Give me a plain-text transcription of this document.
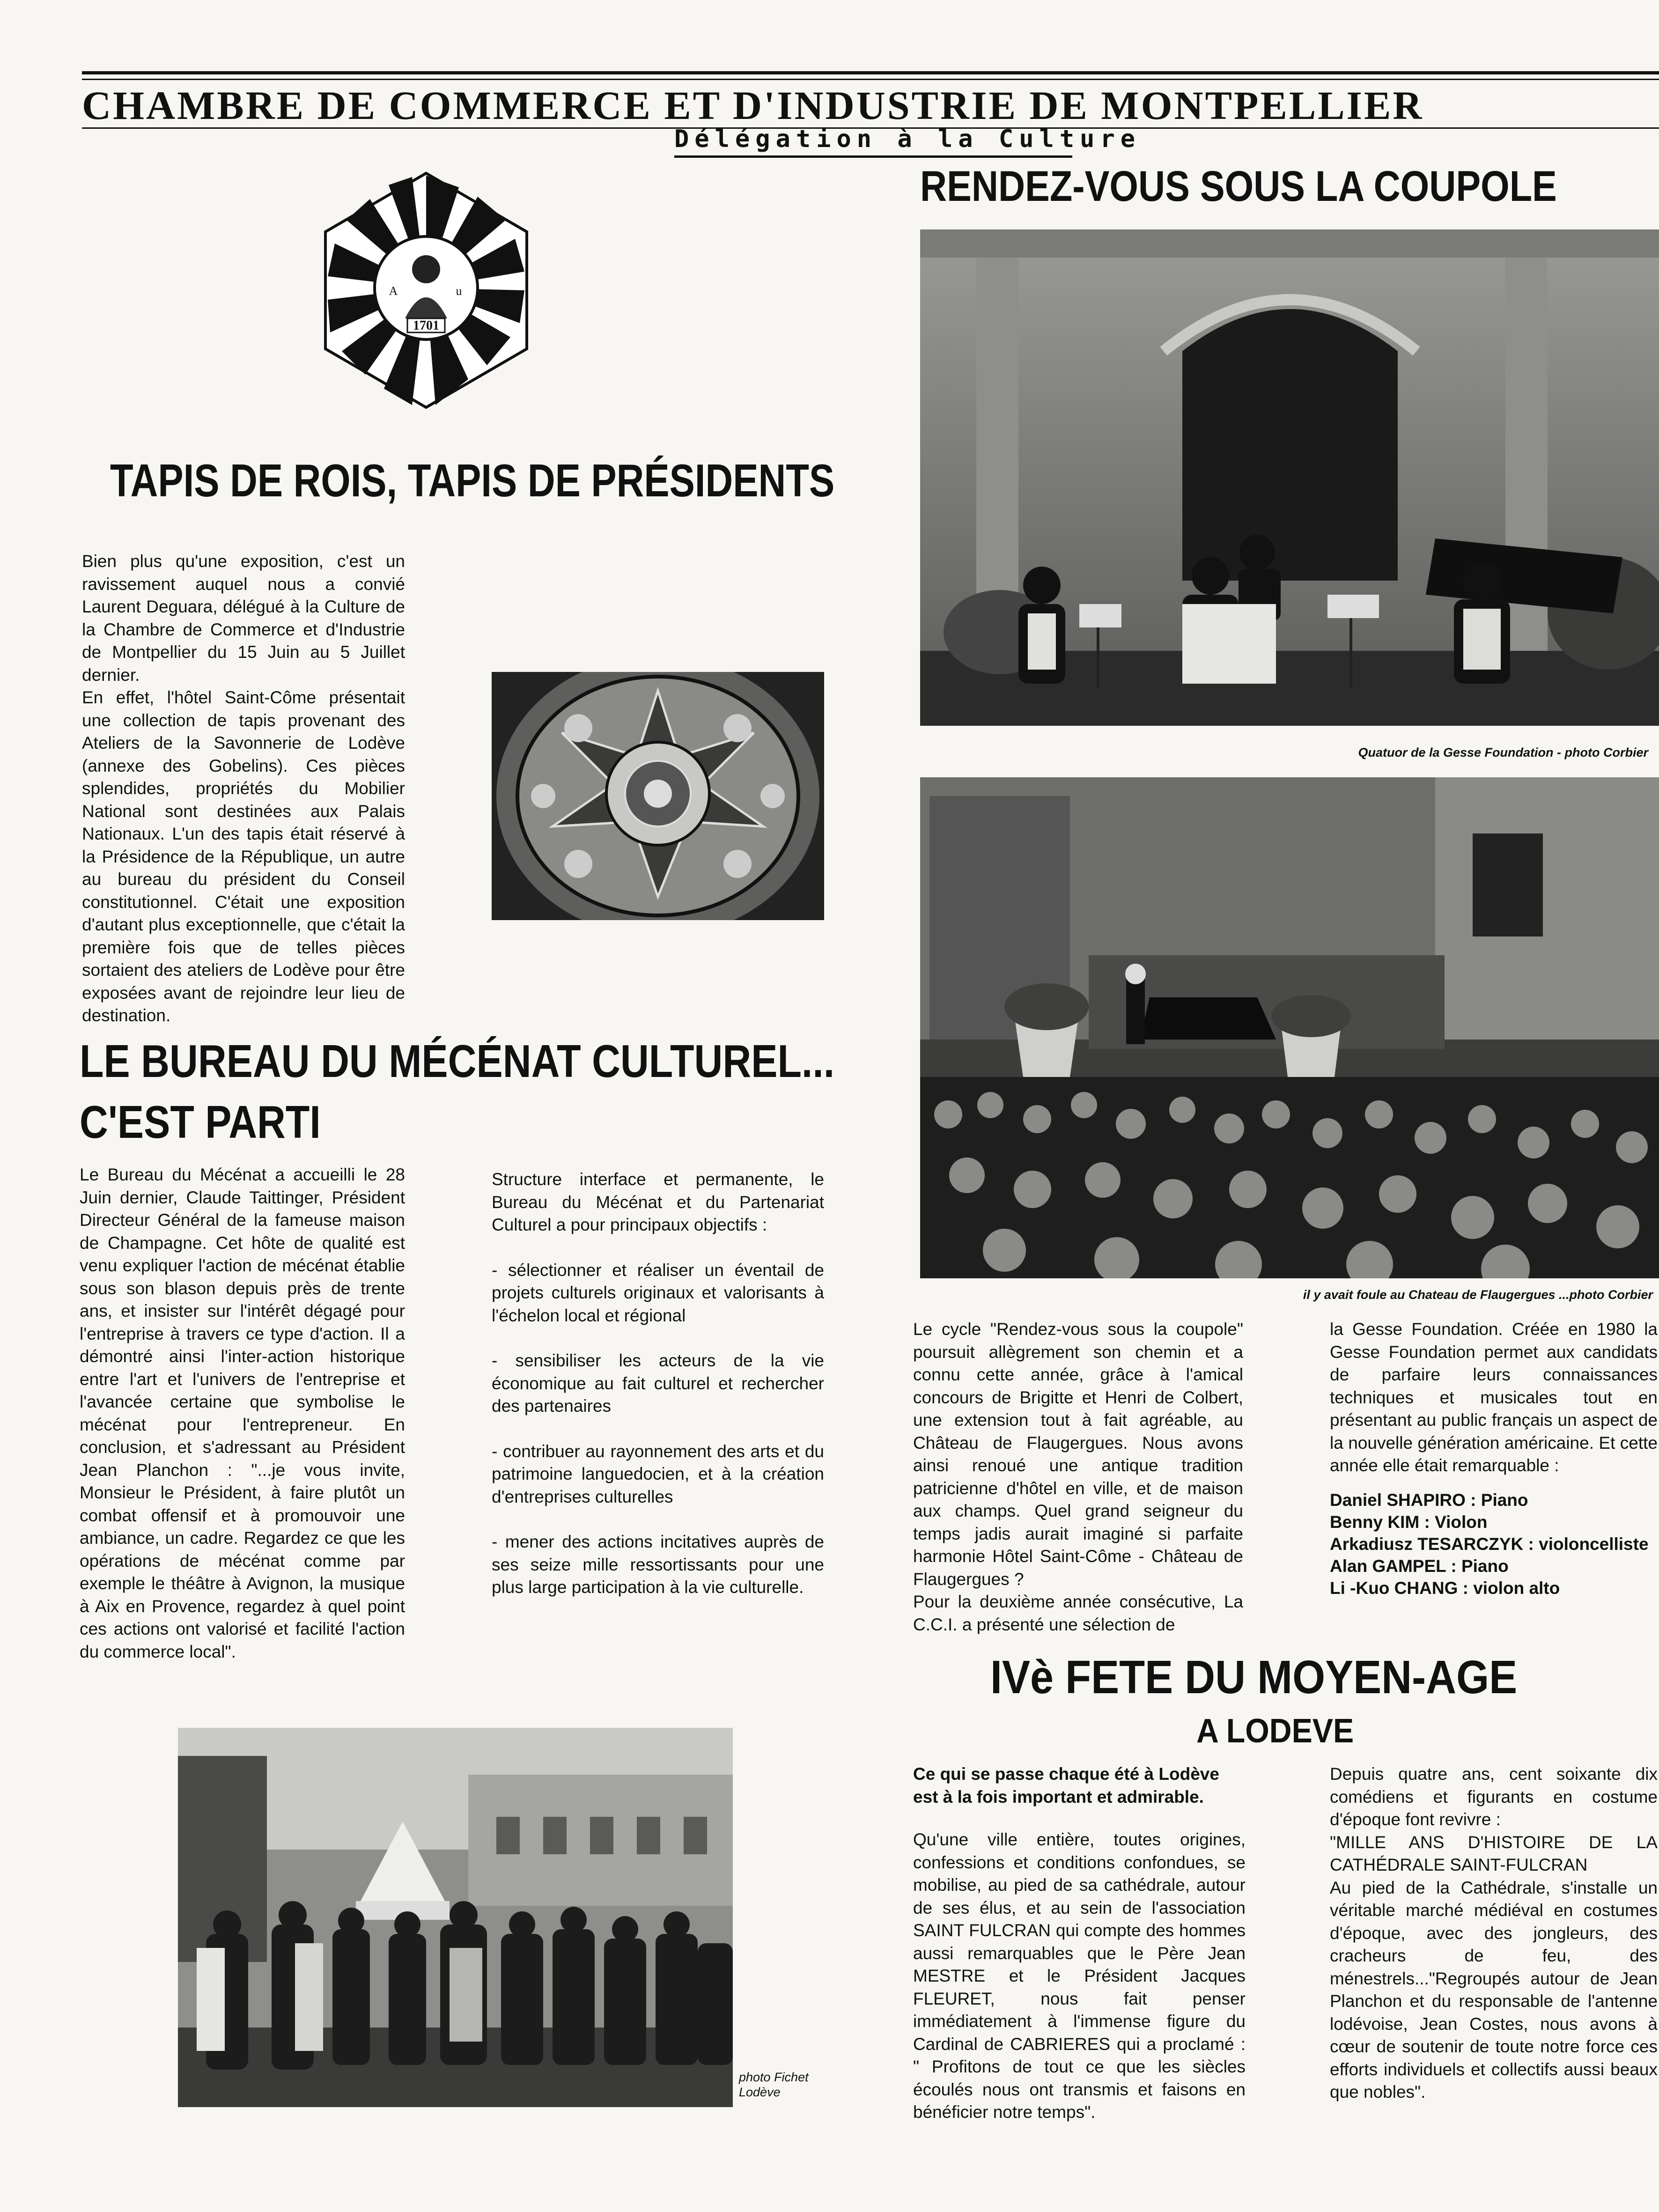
CHAMBRE DE COMMERCE ET D'INDUSTRIE DE MONTPELLIER
Délégation à la Culture
1701
A	u
RENDEZ-VOUS SOUS LA COUPOLE
Quatuor de la Gesse Foundation - photo Corbier
il y avait foule au Chateau de Flaugergues ...photo Corbier

Le cycle "Rendez-vous sous la coupole" poursuit allègrement son chemin et a connu cette année, grâce à l'amical concours de Brigitte et Henri de Colbert, une extension tout à fait agréable, au Château de Flaugergues. Nous avons ainsi renoué une antique tradition patricienne d'hôtel en ville, et de maison aux champs. Quel grand seigneur du temps jadis aurait imaginé si parfaite harmonie Hôtel Saint-Côme - Château de Flaugergues ?

Pour la deuxième année consécutive, La C.C.I. a présenté une sélection de

la Gesse Foundation. Créée en 1980 la Gesse Foundation permet aux candidats de parfaire leurs connaissances techniques et musicales tout en présentant au public français un aspect de la nouvelle génération américaine. Et cette année elle était remarquable :

Daniel SHAPIRO : Piano
Benny KIM : Violon
Arkadiusz TESARCZYK : violoncelliste
Alan GAMPEL : Piano
Li -Kuo CHANG : violon alto
TAPIS DE ROIS, TAPIS DE PRÉSIDENTS

Bien plus qu'une exposition, c'est un ravissement auquel nous a convié Laurent Deguara, délégué à la Culture de la Chambre de Commerce et d'Industrie de Montpellier du 15 Juin au 5 Juillet dernier.

En effet, l'hôtel Saint-Côme présentait une collection de tapis provenant des Ateliers de la Savonnerie de Lodève (annexe des Gobelins). Ces pièces splendides, propriétés du Mobilier National sont destinées aux Palais Nationaux. L'un des tapis était réservé à la Présidence de la République, un autre au bureau du président du Conseil constitutionnel. C'était une exposition d'autant plus exceptionnelle, que c'était la première fois que de telles pièces sortaient des ateliers de Lodève pour être exposées avant de rejoindre leur lieu de destination.

LE BUREAU DU MÉCÉNAT CULTUREL...
C'EST PARTI

Le Bureau du Mécénat a accueilli le 28 Juin dernier, Claude Taittinger, Président Directeur Général de la fameuse maison de Champagne. Cet hôte de qualité est venu expliquer l'action de mécénat établie sous son blason depuis près de trente ans, et insister sur l'intérêt dégagé pour l'entreprise à travers ce type d'action. Il a démontré ainsi l'inter-action historique entre l'art et l'univers de l'entreprise et l'avancée certaine que symbolise le mécénat pour l'entrepreneur. En conclusion, et s'adressant au Président Jean Planchon : "...je vous invite, Monsieur le Président, à faire plutôt un combat offensif et à promouvoir une ambiance, un cadre. Regardez ce que les opérations de mécénat comme par exemple le théâtre à Avignon, la musique à Aix en Provence, regardez à quel point ces actions ont valorisé et facilité l'action du commerce local".

Structure interface et permanente, le Bureau du Mécénat et du Partenariat Culturel a pour principaux objectifs :

- sélectionner et réaliser un éventail de projets culturels originaux et valorisants à l'échelon local et régional

- sensibiliser les acteurs de la vie économique au fait culturel et rechercher des partenaires

- contribuer au rayonnement des arts et du patrimoine languedocien, et à la création d'entreprises culturelles

- mener des actions incitatives auprès de ses seize mille ressortissants pour une plus large participation à la vie culturelle.

IVè FETE DU MOYEN-AGE
A LODEVE
photo Fichet
Lodève
Ce qui se passe chaque été à Lodève est à la fois important et admirable.

Qu'une ville entière, toutes origines, confessions et conditions confondues, se mobilise, au pied de sa cathédrale, autour de ses élus, et au sein de l'association SAINT FULCRAN qui compte des hommes aussi remarquables que le Père Jean MESTRE et le Président Jacques FLEURET, nous fait penser immédiatement à l'immense figure du Cardinal de CABRIERES qui a proclamé : " Profitons de tout ce que les siècles écoulés nous ont transmis et faisons en bénéficier notre temps".

Depuis quatre ans, cent soixante dix comédiens et figurants en costume d'époque font revivre :

"MILLE ANS D'HISTOIRE DE LA CATHÉDRALE SAINT-FULCRAN

Au pied de la Cathédrale, s'installe un véritable marché médiéval en costumes d'époque, avec des jongleurs, des cracheurs de feu, des ménestrels..."Regroupés autour de Jean Planchon et du responsable de l'antenne lodévoise, Jean Costes, nous avons à cœur de soutenir de toute notre force ces efforts individuels et collectifs aussi beaux que nobles".
